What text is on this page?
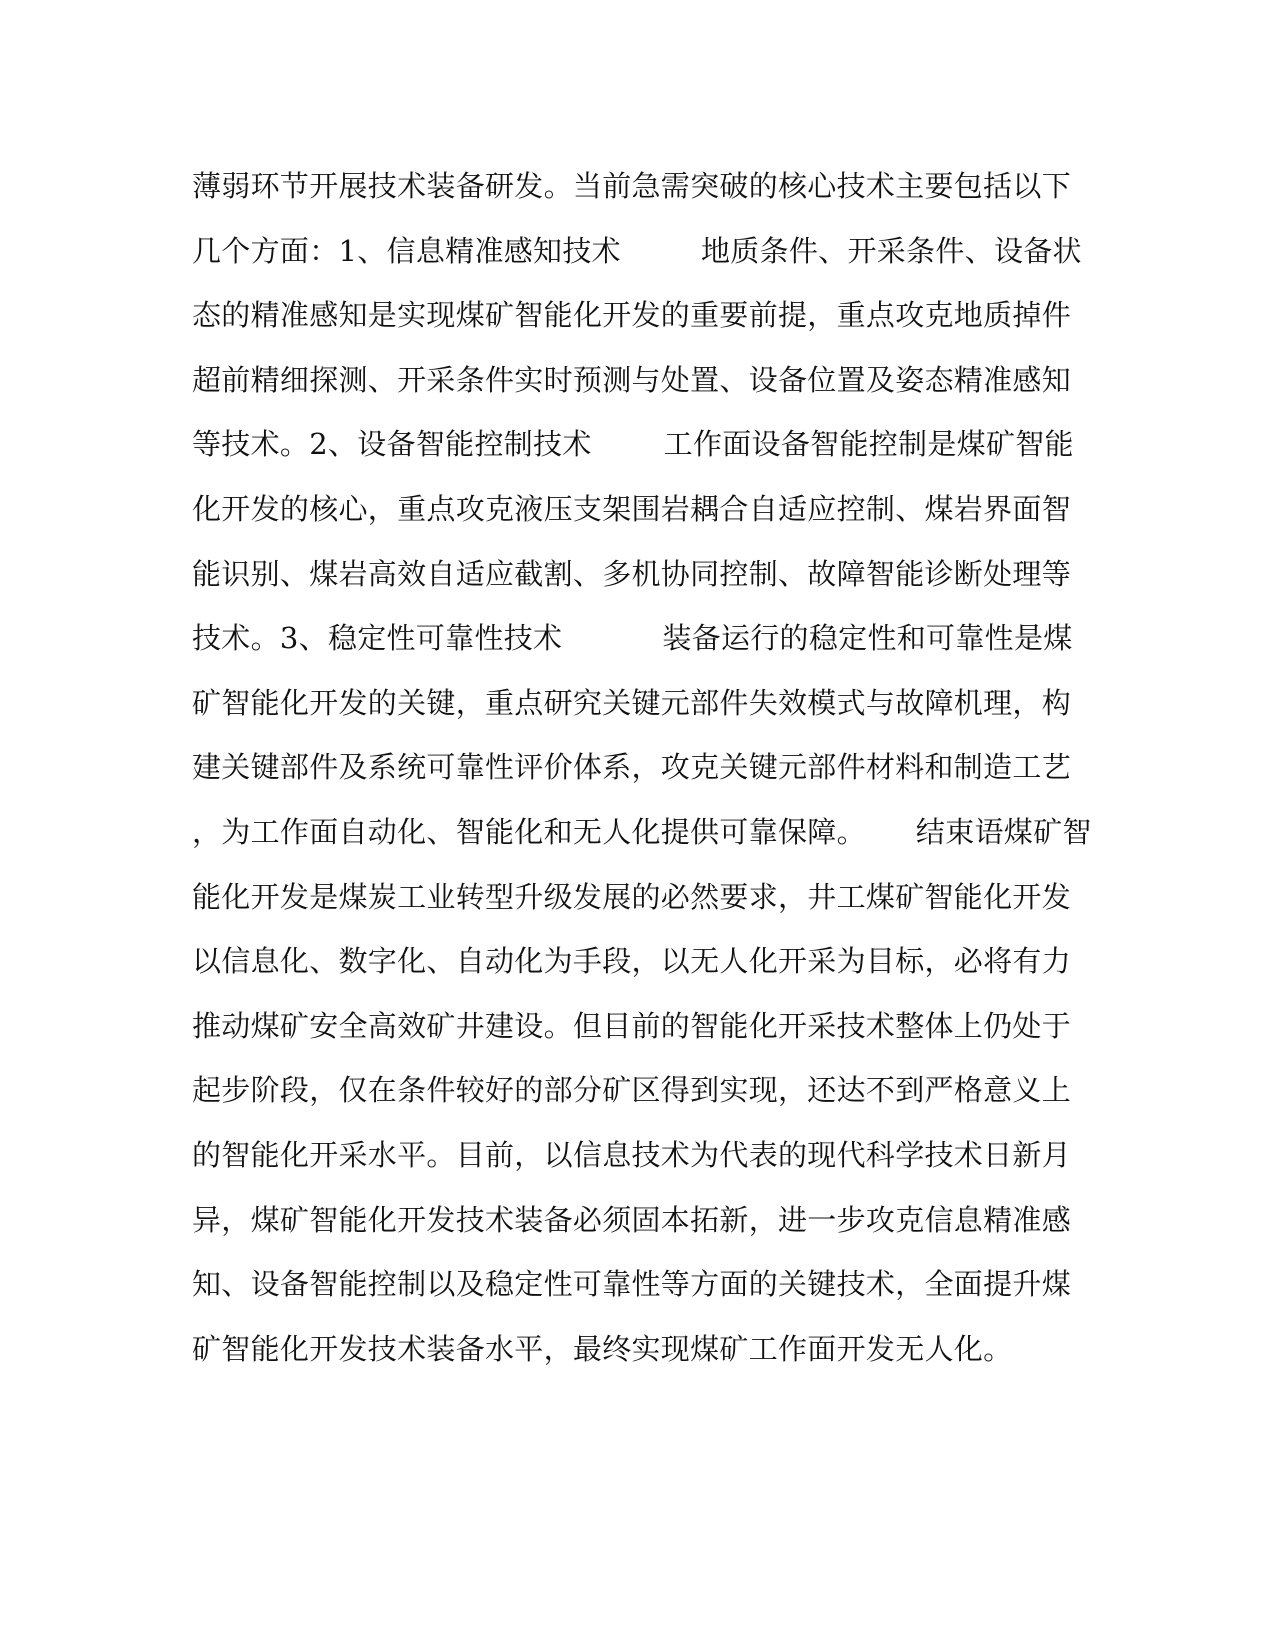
薄弱环节开展技术装备研发。当前急需突破的核心技术主要包括以下
几个方面：1、信息精准感知技术	地质条件、开采条件、设备状
态的精准感知是实现煤矿智能化开发的重要前提，重点攻克地质掉件
超前精细探测、开采条件实时预测与处置、设备位置及姿态精准感知
等技术。2、设备智能控制技术 工作面设备智能控制是煤矿智能
化开发的核心，重点攻克液压支架围岩耦合自适应控制、煤岩界面智
能识别、煤岩高效自适应截割、多机协同控制、故障智能诊断处理等
技术。3、稳定性可靠性技术	装备运行的稳定性和可靠性是煤
矿智能化开发的关键，重点研究关键元部件失效模式与故障机理，构
建关键部件及系统可靠性评价体系，攻克关键元部件材料和制造工艺
，为工作面自动化、智能化和无人化提供可靠保障。 结束语煤矿智
能化开发是煤炭工业转型升级发展的必然要求，井工煤矿智能化开发
以信息化、数字化、自动化为手段，以无人化开采为目标，必将有力
推动煤矿安全高效矿井建设。但目前的智能化开采技术整体上仍处于
起步阶段，仅在条件较好的部分矿区得到实现，还达不到严格意义上
的智能化开采水平。目前，以信息技术为代表的现代科学技术日新月
异，煤矿智能化开发技术装备必须固本拓新，进一步攻克信息精准感
知、设备智能控制以及稳定性可靠性等方面的关键技术，全面提升煤
矿智能化开发技术装备水平，最终实现煤矿工作面开发无人化。
